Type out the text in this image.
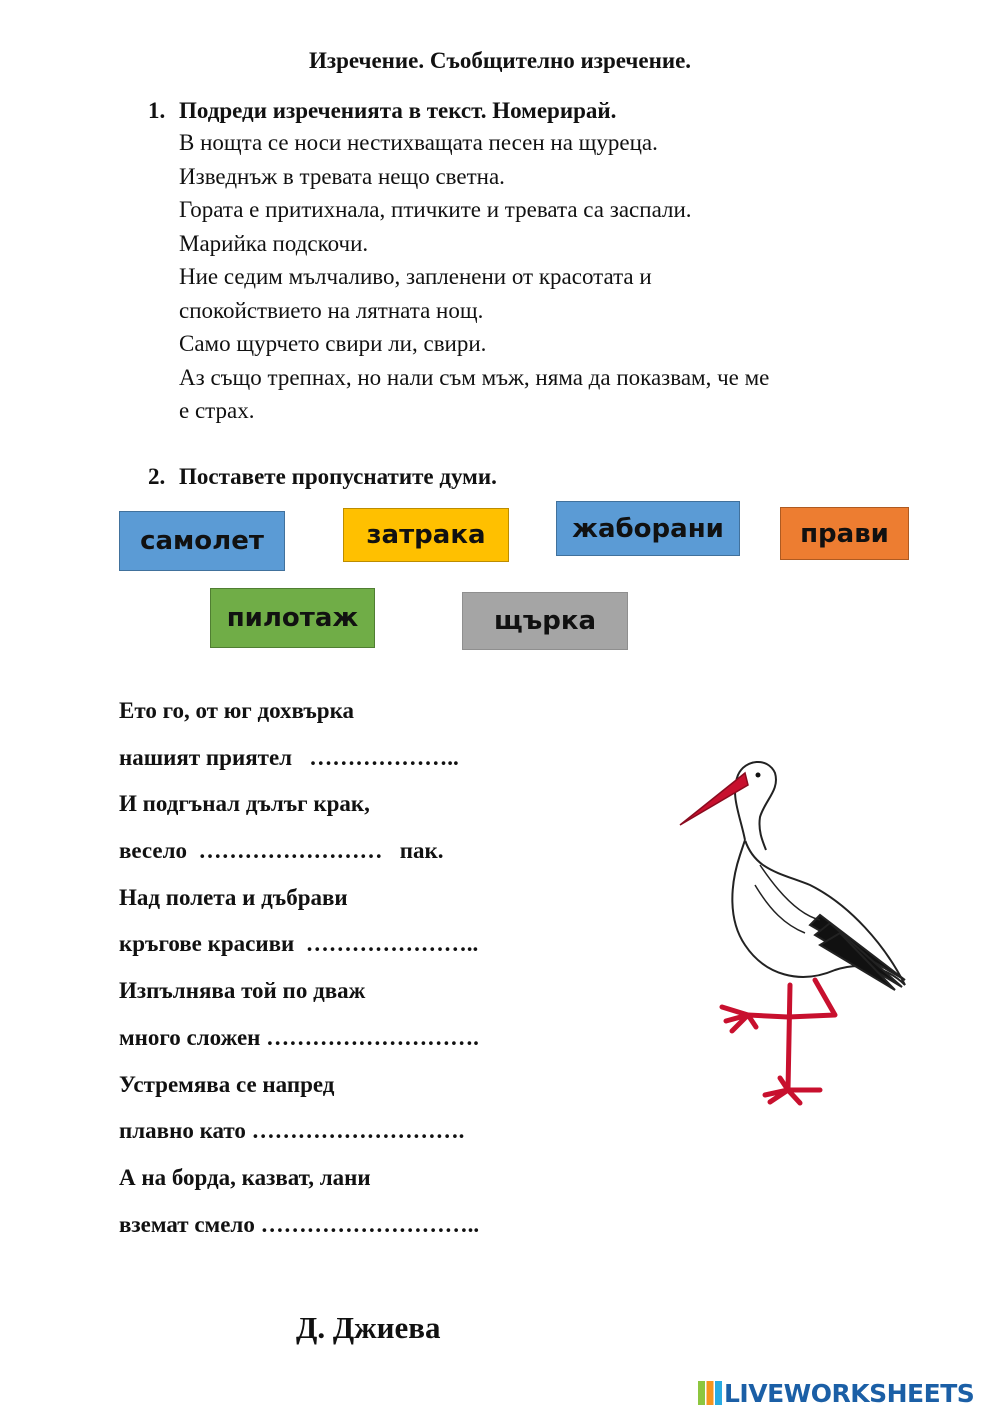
Изречение. Съобщително изречение.
1. Подреди изреченията в текст. Номерирай.
В нощта се носи нестихващата песен на щуреца.
Изведнъж в тревата нещо светна.
Гората е притихнала, птичките и тревата са заспали.
Марийка подскочи.
Ние седим мълчаливо, запленени от красотата и
спокойствието на лятната нощ.
Само щурчето свири ли, свири.
Аз също трепнах, но нали съм мъж, няма да показвам, че ме
е страх.
2. Поставете пропуснатите думи.
самолет	затрака	жаборани	прави
пилотаж	щърка
Ето го, от юг дохвърка
нашият приятел   ………………..
И подгънал дълъг крак,
весело  ……………………   пак.
Над полета и дъбрави
кръгове красиви  …………………..
Изпълнява той по дваж
много сложен ……………………….
Устремява се напред
плавно като ……………………….
А на борда, казват, лани
вземат смело ………………………..
Д. Джиева
LIVEWORKSHEETS
